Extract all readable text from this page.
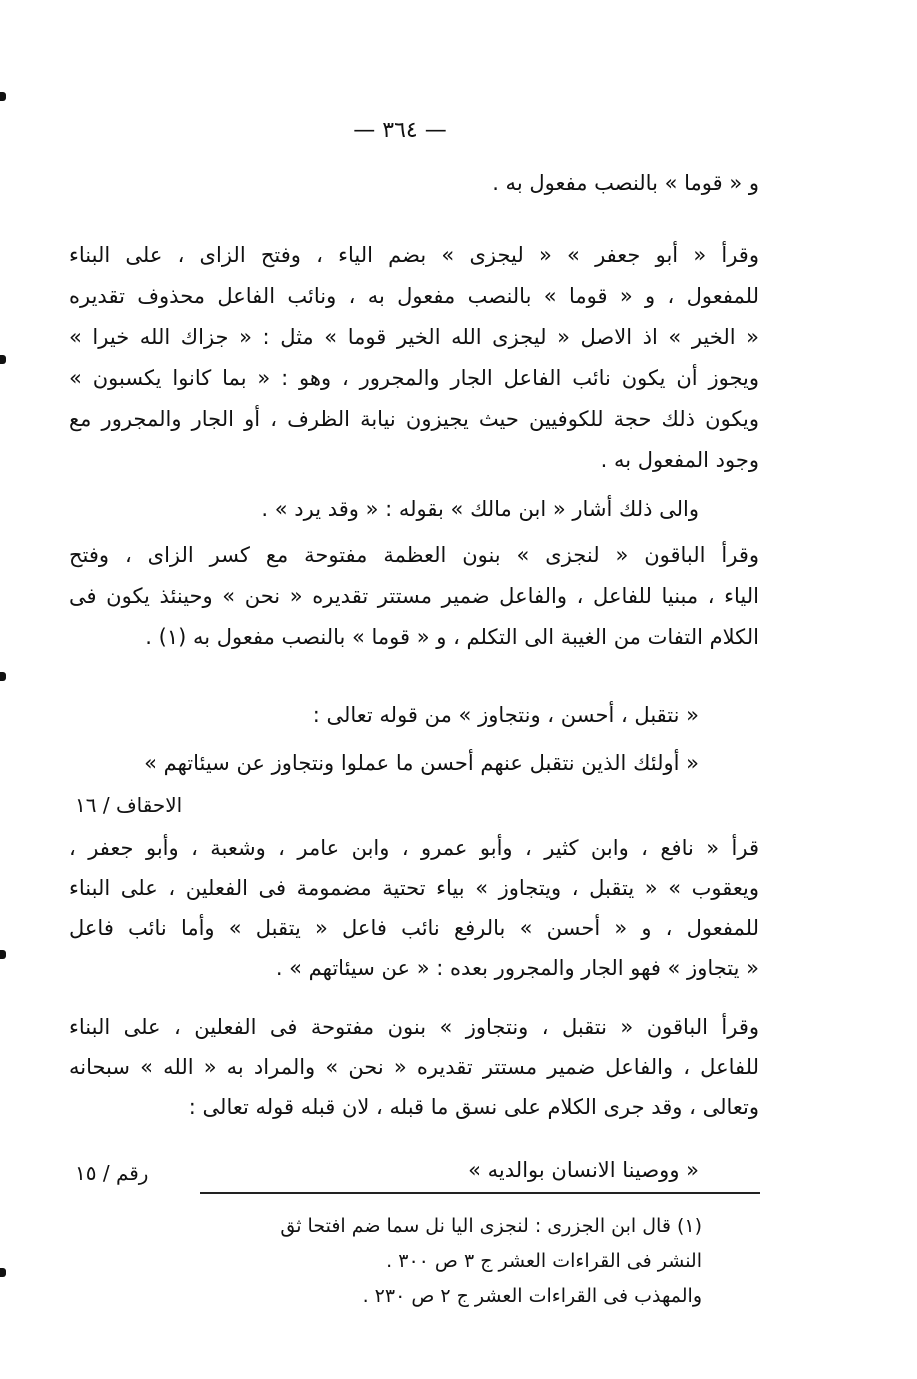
— ٣٦٤ —
و « قوما » بالنصب مفعول به .
وقرأ « أبو جعفر » « ليجزى » بضم الياء ، وفتح الزاى ، على البناء
للمفعول ، و « قوما » بالنصب مفعول به ، ونائب الفاعل محذوف تقديره
« الخير » اذ الاصل « ليجزى الله الخير قوما » مثل : « جزاك الله خيرا »
ويجوز أن يكون نائب الفاعل الجار والمجرور ، وهو : « بما كانوا يكسبون »
ويكون ذلك حجة للكوفيين حيث يجيزون نيابة الظرف ، أو الجار والمجرور مع
وجود المفعول به .
والى ذلك أشار « ابن مالك » بقوله : « وقد يرد » .
وقرأ الباقون « لنجزى » بنون العظمة مفتوحة مع كسر الزاى ، وفتح
الياء ، مبنيا للفاعل ، والفاعل ضمير مستتر تقديره « نحن » وحينئذ يكون فى
الكلام التفات من الغيبة الى التكلم ، و « قوما » بالنصب مفعول به (١) .
« نتقبل ، أحسن ، ونتجاوز » من قوله تعالى :
« أولئك الذين نتقبل عنهم أحسن ما عملوا ونتجاوز عن سيئاتهم »
الاحقاف / ١٦
قرأ « نافع ، وابن كثير ، وأبو عمرو ، وابن عامر ، وشعبة ، وأبو جعفر ،
ويعقوب » « يتقبل ، ويتجاوز » بياء تحتية مضمومة فى الفعلين ، على البناء
للمفعول ، و « أحسن » بالرفع نائب فاعل « يتقبل » وأما نائب فاعل
« يتجاوز » فهو الجار والمجرور بعده : « عن سيئاتهم » .
وقرأ الباقون « نتقبل ، ونتجاوز » بنون مفتوحة فى الفعلين ، على البناء
للفاعل ، والفاعل ضمير مستتر تقديره « نحن » والمراد به « الله » سبحانه
وتعالى ، وقد جرى الكلام على نسق ما قبله ، لان قبله قوله تعالى :
« ووصينا الانسان بوالديه »
رقم / ١٥
(١) قال ابن الجزرى : لنجزى اليا نل سما ضم افتحا ثق
النشر فى القراءات العشر ج ٣ ص ٣٠٠ .
والمهذب فى القراءات العشر ج ٢ ص ٢٣٠ .
